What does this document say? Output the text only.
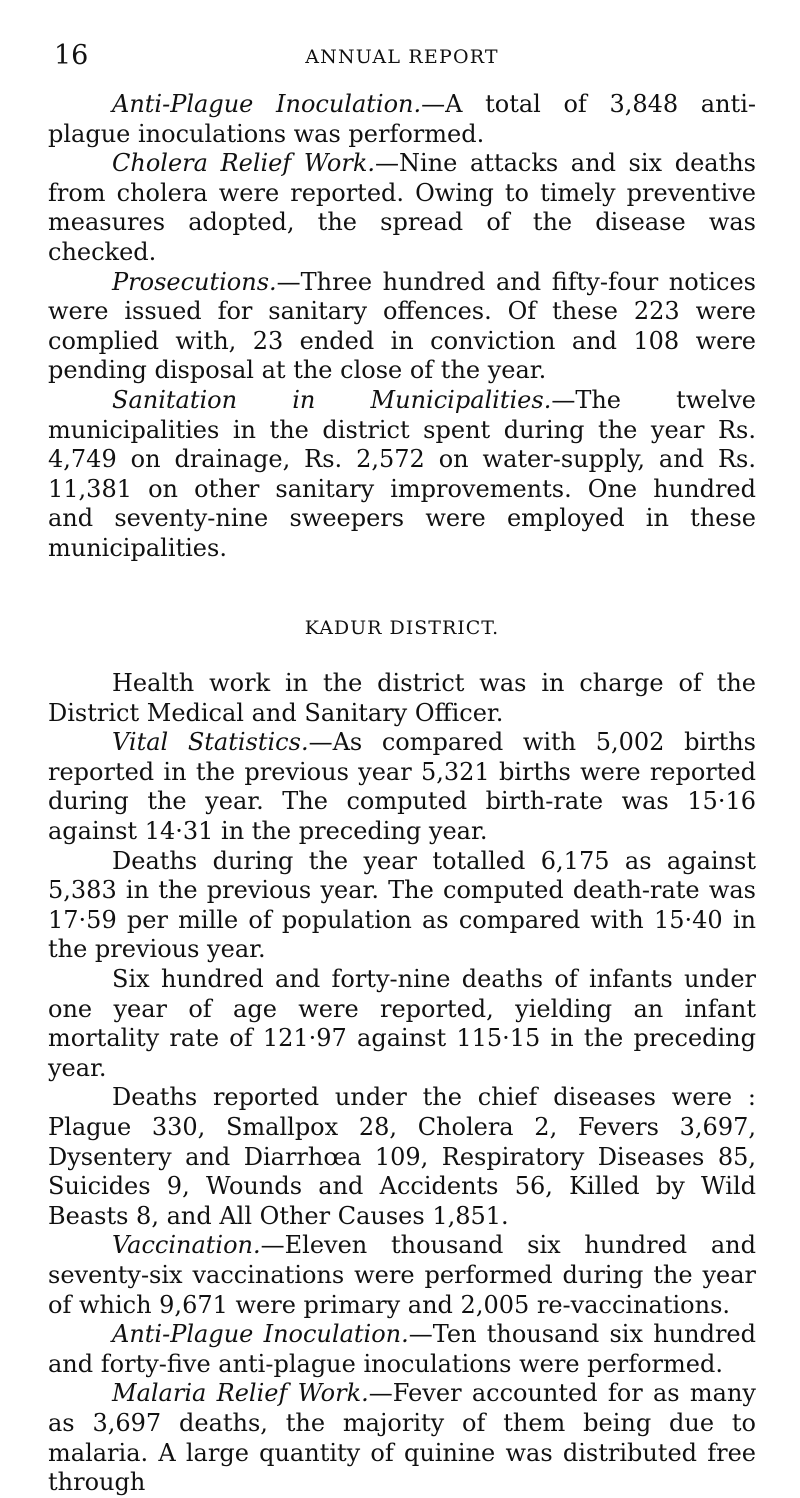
16	ANNUAL REPORT

Anti-Plague Inoculation.—A total of 3,848 anti-plague inoculations was performed.

Cholera Relief Work.—Nine attacks and six deaths from cholera were reported. Owing to timely preventive measures adopted, the spread of the disease was checked.

Prosecutions.—Three hundred and fifty-four notices were issued for sanitary offences. Of these 223 were complied with, 23 ended in conviction and 108 were pending disposal at the close of the year.

Sanitation in Municipalities.—The twelve municipalities in the district spent during the year Rs. 4,749 on drainage, Rs. 2,572 on water-supply, and Rs. 11,381 on other sanitary improvements. One hundred and seventy-nine sweepers were employed in these municipalities.

KADUR DISTRICT.

Health work in the district was in charge of the District Medical and Sanitary Officer.

Vital Statistics.—As compared with 5,002 births reported in the previous year 5,321 births were reported during the year. The computed birth-rate was 15·16 against 14·31 in the preceding year.

Deaths during the year totalled 6,175 as against 5,383 in the previous year. The computed death-rate was 17·59 per mille of population as compared with 15·40 in the previous year.

Six hundred and forty-nine deaths of infants under one year of age were reported, yielding an infant mortality rate of 121·97 against 115·15 in the preceding year.

Deaths reported under the chief diseases were : Plague 330, Smallpox 28, Cholera 2, Fevers 3,697, Dysentery and Diarrhœa 109, Respiratory Diseases 85, Suicides 9, Wounds and Accidents 56, Killed by Wild Beasts 8, and All Other Causes 1,851.

Vaccination.—Eleven thousand six hundred and seventy-six vaccinations were performed during the year of which 9,671 were primary and 2,005 re-vaccinations.

Anti-Plague Inoculation.—Ten thousand six hundred and forty-five anti-plague inoculations were performed.

Malaria Relief Work.—Fever accounted for as many as 3,697 deaths, the majority of them being due to malaria. A large quantity of quinine was distributed free through
